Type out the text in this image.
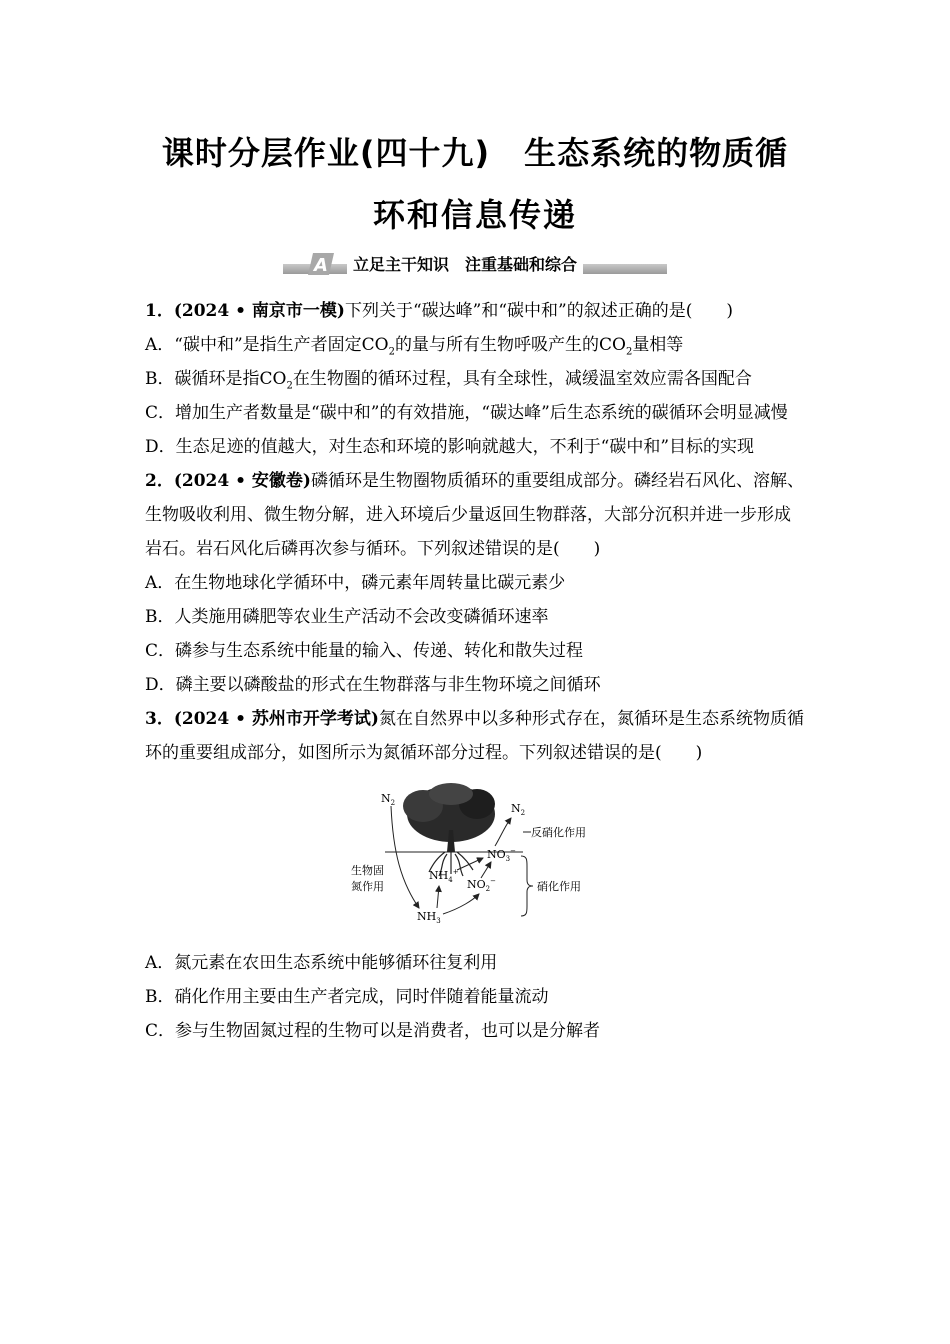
课时分层作业(四十九) 生态系统的物质循
环和信息传递
A	立足主干知识　注重基础和综合

1．(2024 • 南京市一模)下列关于“碳达峰”和“碳中和”的叙述正确的是(　　)

A．“碳中和”是指生产者固定$CO_2$的量与所有生物呼吸产生的$CO_2$量相等

B．碳循环是指$CO_2$在生物圈的循环过程，具有全球性，减缓温室效应需各国配合

C．增加生产者数量是“碳中和”的有效措施，“碳达峰”后生态系统的碳循环会明显减慢

D．生态足迹的值越大，对生态和环境的影响就越大，不利于“碳中和”目标的实现

2．(2024 • 安徽卷)磷循环是生物圈物质循环的重要组成部分。磷经岩石风化、溶解、生物吸收利用、微生物分解，进入环境后少量返回生物群落，大部分沉积并进一步形成岩石。岩石风化后磷再次参与循环。下列叙述错误的是(　　)

A．在生物地球化学循环中，磷元素年周转量比碳元素少

B．人类施用磷肥等农业生产活动不会改变磷循环速率

C．磷参与生态系统中能量的输入、传递、转化和散失过程

D．磷主要以磷酸盐的形式在生物群落与非生物环境之间循环

3．(2024 • 苏州市开学考试)氮在自然界中以多种形式存在，氮循环是生态系统物质循环的重要组成部分，如图所示为氮循环部分过程。下列叙述错误的是(　　)

$N_2$	$N_2$
反硝化作用
$NO_3^-$
$NH_4^+$
$NO_2^-$
$NH_3$
生物固
氮作用	硝化作用

A．氮元素在农田生态系统中能够循环往复利用

B．硝化作用主要由生产者完成，同时伴随着能量流动

C．参与生物固氮过程的生物可以是消费者，也可以是分解者
